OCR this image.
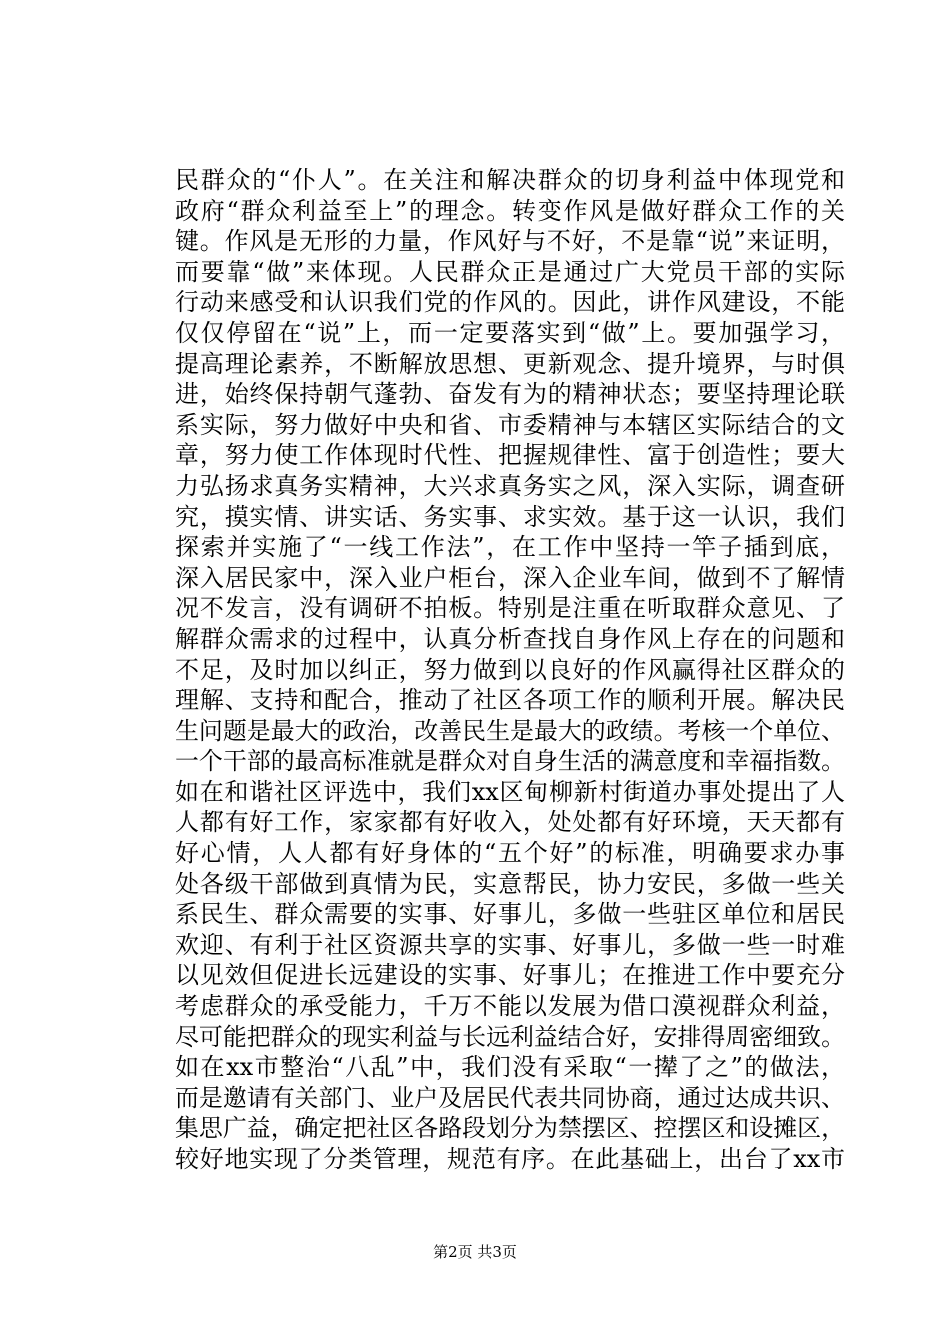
民群众的“仆人”。在关注和解决群众的切身利益中体现党和
政府“群众利益至上”的理念。转变作风是做好群众工作的关
键。作风是无形的力量，作风好与不好，不是靠“说”来证明，
而要靠“做”来体现。人民群众正是通过广大党员干部的实际
行动来感受和认识我们党的作风的。因此，讲作风建设，不能
仅仅停留在“说”上，而一定要落实到“做”上。要加强学习，
提高理论素养，不断解放思想、更新观念、提升境界，与时俱
进，始终保持朝气蓬勃、奋发有为的精神状态；要坚持理论联
系实际，努力做好中央和省、市委精神与本辖区实际结合的文
章，努力使工作体现时代性、把握规律性、富于创造性；要大
力弘扬求真务实精神，大兴求真务实之风，深入实际，调查研
究，摸实情、讲实话、务实事、求实效。基于这一认识，我们
探索并实施了“一线工作法”，在工作中坚持一竿子插到底，
深入居民家中，深入业户柜台，深入企业车间，做到不了解情
况不发言，没有调研不拍板。特别是注重在听取群众意见、了
解群众需求的过程中，认真分析查找自身作风上存在的问题和
不足，及时加以纠正，努力做到以良好的作风赢得社区群众的
理解、支持和配合，推动了社区各项工作的顺利开展。解决民
生问题是最大的政治，改善民生是最大的政绩。考核一个单位、
一个干部的最高标准就是群众对自身生活的满意度和幸福指数。
如在和谐社区评选中，我们xx区甸柳新村街道办事处提出了人
人都有好工作，家家都有好收入，处处都有好环境，天天都有
好心情，人人都有好身体的“五个好”的标准，明确要求办事
处各级干部做到真情为民，实意帮民，协力安民，多做一些关
系民生、群众需要的实事、好事儿，多做一些驻区单位和居民
欢迎、有利于社区资源共享的实事、好事儿，多做一些一时难
以见效但促进长远建设的实事、好事儿；在推进工作中要充分
考虑群众的承受能力，千万不能以发展为借口漠视群众利益，
尽可能把群众的现实利益与长远利益结合好，安排得周密细致。
如在xx市整治“八乱”中，我们没有采取“一撵了之”的做法，
而是邀请有关部门、业户及居民代表共同协商，通过达成共识、
集思广益，确定把社区各路段划分为禁摆区、控摆区和设摊区，
较好地实现了分类管理，规范有序。在此基础上，出台了xx市
第2页 共3页
